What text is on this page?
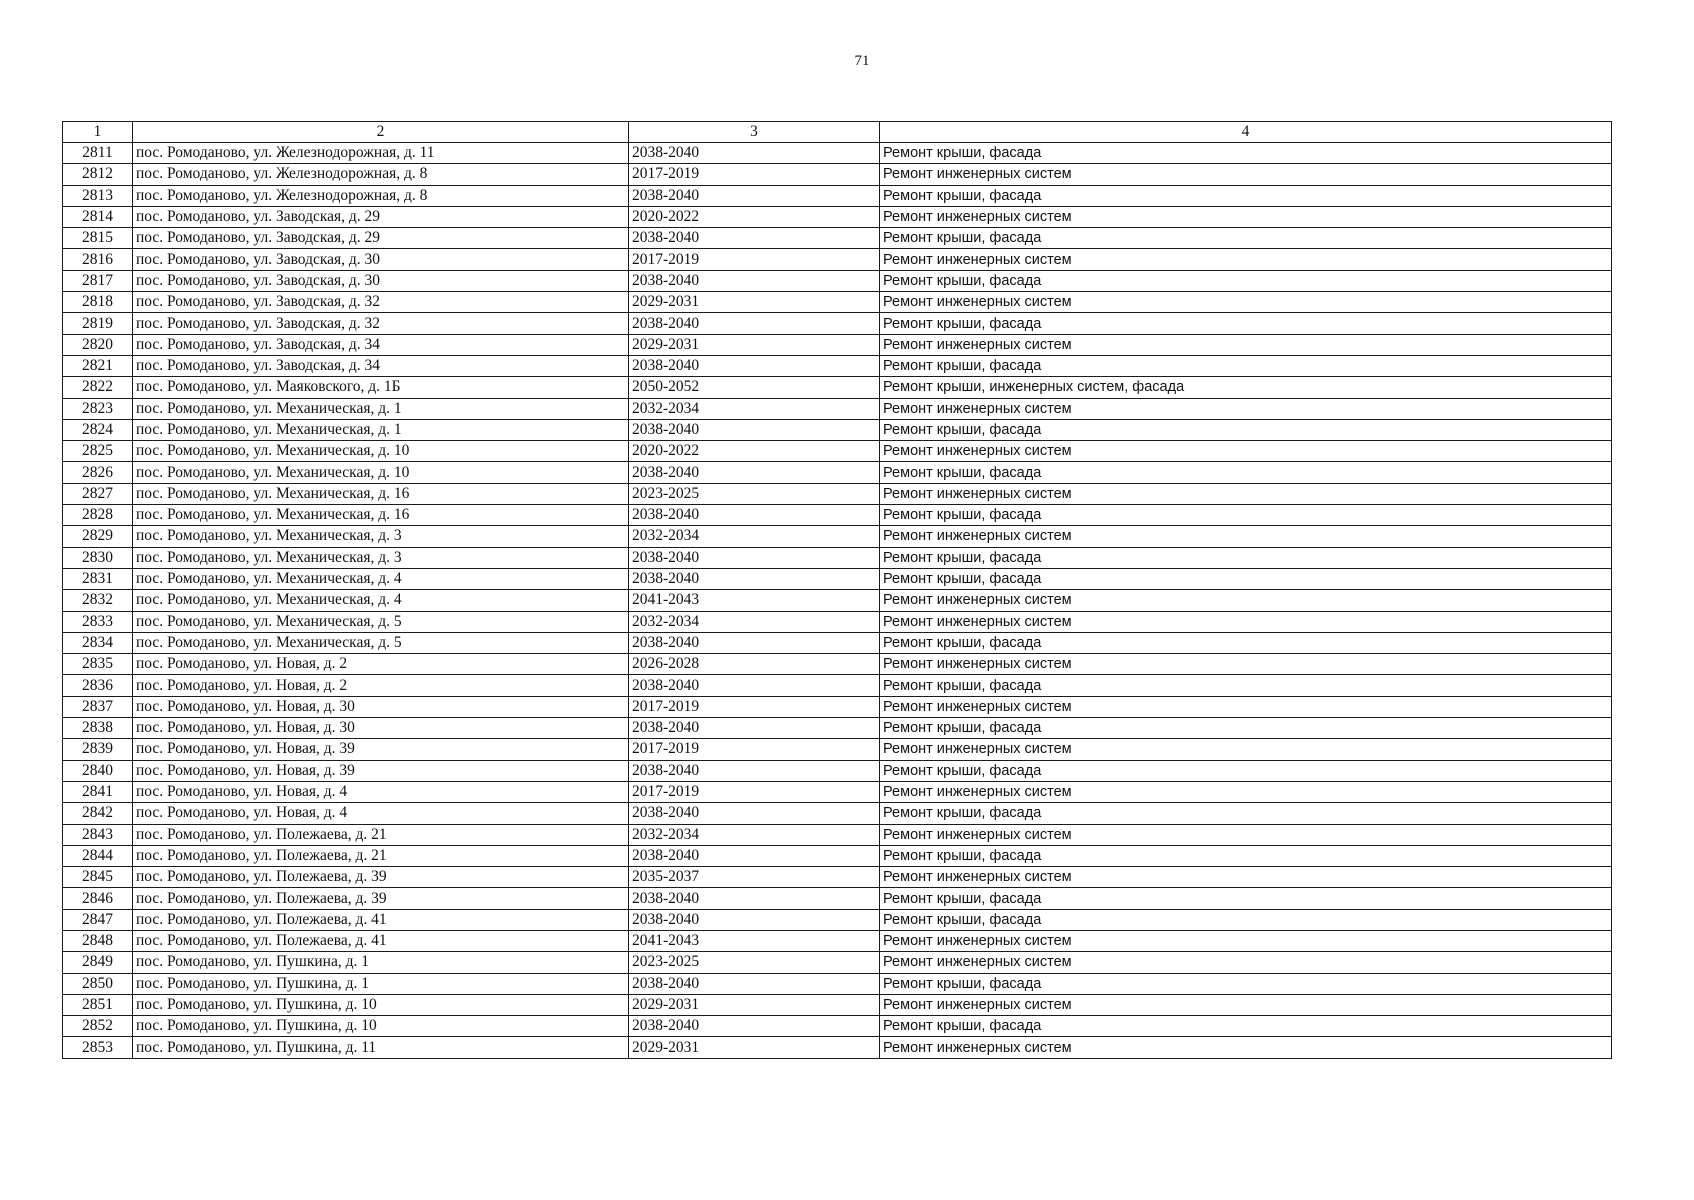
71
1	2	3	4
2811	пос. Ромоданово, ул. Железнодорожная, д. 11	2038-2040	Ремонт крыши, фасада
2812	пос. Ромоданово, ул. Железнодорожная, д. 8	2017-2019	Ремонт инженерных систем
2813	пос. Ромоданово, ул. Железнодорожная, д. 8	2038-2040	Ремонт крыши, фасада
2814	пос. Ромоданово, ул. Заводская, д. 29	2020-2022	Ремонт инженерных систем
2815	пос. Ромоданово, ул. Заводская, д. 29	2038-2040	Ремонт крыши, фасада
2816	пос. Ромоданово, ул. Заводская, д. 30	2017-2019	Ремонт инженерных систем
2817	пос. Ромоданово, ул. Заводская, д. 30	2038-2040	Ремонт крыши, фасада
2818	пос. Ромоданово, ул. Заводская, д. 32	2029-2031	Ремонт инженерных систем
2819	пос. Ромоданово, ул. Заводская, д. 32	2038-2040	Ремонт крыши, фасада
2820	пос. Ромоданово, ул. Заводская, д. 34	2029-2031	Ремонт инженерных систем
2821	пос. Ромоданово, ул. Заводская, д. 34	2038-2040	Ремонт крыши, фасада
2822	пос. Ромоданово, ул. Маяковского, д. 1Б	2050-2052	Ремонт крыши, инженерных систем, фасада
2823	пос. Ромоданово, ул. Механическая, д. 1	2032-2034	Ремонт инженерных систем
2824	пос. Ромоданово, ул. Механическая, д. 1	2038-2040	Ремонт крыши, фасада
2825	пос. Ромоданово, ул. Механическая, д. 10	2020-2022	Ремонт инженерных систем
2826	пос. Ромоданово, ул. Механическая, д. 10	2038-2040	Ремонт крыши, фасада
2827	пос. Ромоданово, ул. Механическая, д. 16	2023-2025	Ремонт инженерных систем
2828	пос. Ромоданово, ул. Механическая, д. 16	2038-2040	Ремонт крыши, фасада
2829	пос. Ромоданово, ул. Механическая, д. 3	2032-2034	Ремонт инженерных систем
2830	пос. Ромоданово, ул. Механическая, д. 3	2038-2040	Ремонт крыши, фасада
2831	пос. Ромоданово, ул. Механическая, д. 4	2038-2040	Ремонт крыши, фасада
2832	пос. Ромоданово, ул. Механическая, д. 4	2041-2043	Ремонт инженерных систем
2833	пос. Ромоданово, ул. Механическая, д. 5	2032-2034	Ремонт инженерных систем
2834	пос. Ромоданово, ул. Механическая, д. 5	2038-2040	Ремонт крыши, фасада
2835	пос. Ромоданово, ул. Новая, д. 2	2026-2028	Ремонт инженерных систем
2836	пос. Ромоданово, ул. Новая, д. 2	2038-2040	Ремонт крыши, фасада
2837	пос. Ромоданово, ул. Новая, д. 30	2017-2019	Ремонт инженерных систем
2838	пос. Ромоданово, ул. Новая, д. 30	2038-2040	Ремонт крыши, фасада
2839	пос. Ромоданово, ул. Новая, д. 39	2017-2019	Ремонт инженерных систем
2840	пос. Ромоданово, ул. Новая, д. 39	2038-2040	Ремонт крыши, фасада
2841	пос. Ромоданово, ул. Новая, д. 4	2017-2019	Ремонт инженерных систем
2842	пос. Ромоданово, ул. Новая, д. 4	2038-2040	Ремонт крыши, фасада
2843	пос. Ромоданово, ул. Полежаева, д. 21	2032-2034	Ремонт инженерных систем
2844	пос. Ромоданово, ул. Полежаева, д. 21	2038-2040	Ремонт крыши, фасада
2845	пос. Ромоданово, ул. Полежаева, д. 39	2035-2037	Ремонт инженерных систем
2846	пос. Ромоданово, ул. Полежаева, д. 39	2038-2040	Ремонт крыши, фасада
2847	пос. Ромоданово, ул. Полежаева, д. 41	2038-2040	Ремонт крыши, фасада
2848	пос. Ромоданово, ул. Полежаева, д. 41	2041-2043	Ремонт инженерных систем
2849	пос. Ромоданово, ул. Пушкина, д. 1	2023-2025	Ремонт инженерных систем
2850	пос. Ромоданово, ул. Пушкина, д. 1	2038-2040	Ремонт крыши, фасада
2851	пос. Ромоданово, ул. Пушкина, д. 10	2029-2031	Ремонт инженерных систем
2852	пос. Ромоданово, ул. Пушкина, д. 10	2038-2040	Ремонт крыши, фасада
2853	пос. Ромоданово, ул. Пушкина, д. 11	2029-2031	Ремонт инженерных систем
